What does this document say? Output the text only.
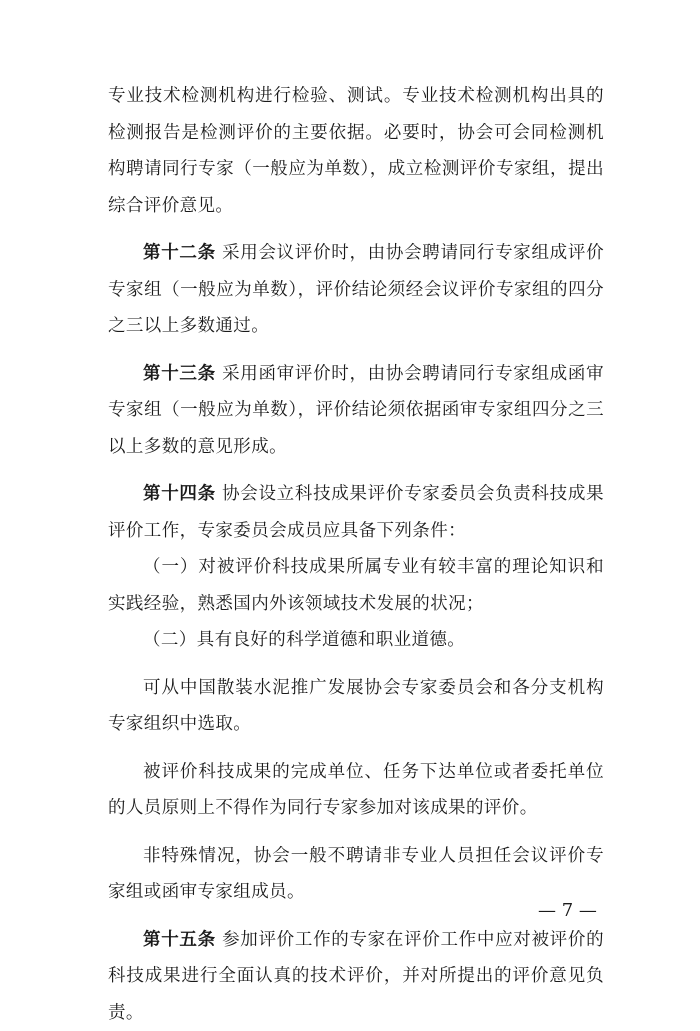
专业技术检测机构进行检验、测试。专业技术检测机构出具的检测报告是检测评价的主要依据。必要时，协会可会同检测机构聘请同行专家（一般应为单数），成立检测评价专家组，提出综合评价意见。

第十二条 采用会议评价时，由协会聘请同行专家组成评价专家组（一般应为单数），评价结论须经会议评价专家组的四分之三以上多数通过。

第十三条 采用函审评价时，由协会聘请同行专家组成函审专家组（一般应为单数），评价结论须依据函审专家组四分之三以上多数的意见形成。

第十四条 协会设立科技成果评价专家委员会负责科技成果评价工作，专家委员会成员应具备下列条件：

（一）对被评价科技成果所属专业有较丰富的理论知识和实践经验，熟悉国内外该领域技术发展的状况；

（二）具有良好的科学道德和职业道德。

可从中国散装水泥推广发展协会专家委员会和各分支机构专家组织中选取。

被评价科技成果的完成单位、任务下达单位或者委托单位的人员原则上不得作为同行专家参加对该成果的评价。

非特殊情况，协会一般不聘请非专业人员担任会议评价专家组或函审专家组成员。

第十五条 参加评价工作的专家在评价工作中应对被评价的科技成果进行全面认真的技术评价，并对所提出的评价意见负责。

— 7 —
